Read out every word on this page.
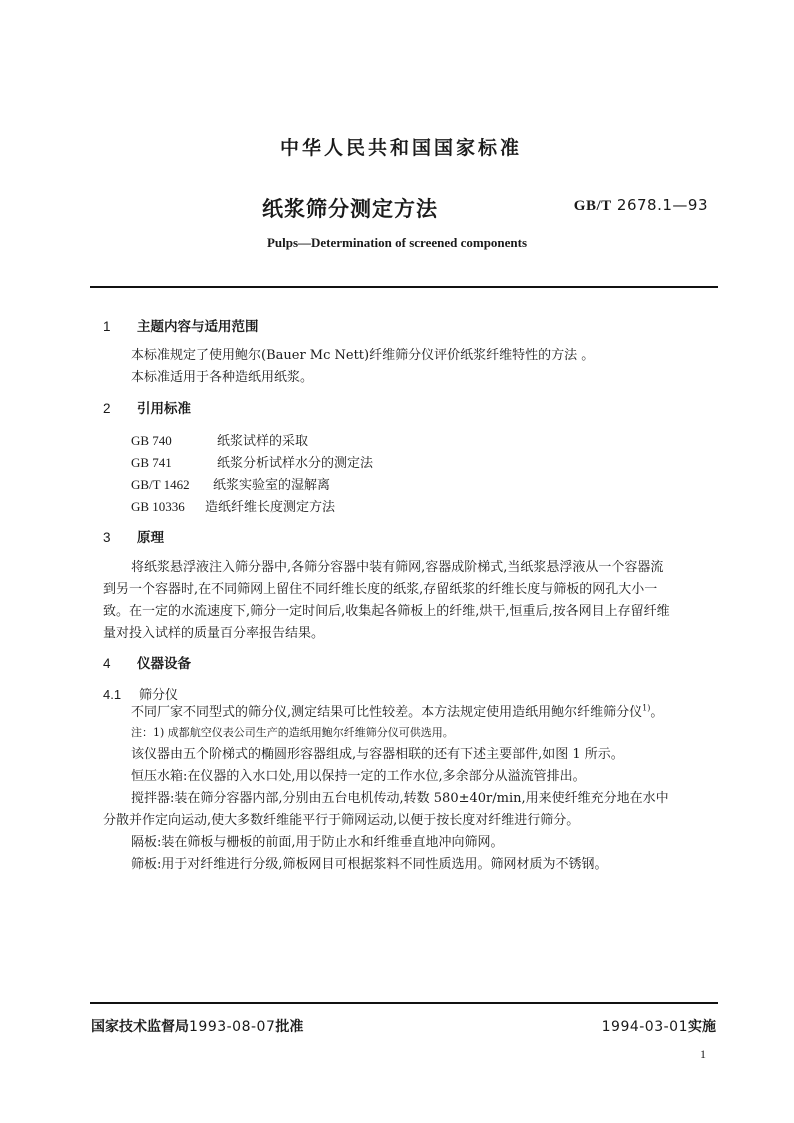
中华人民共和国国家标准
纸浆筛分测定方法	GB/T 2678.1—93
Pulps—Determination of screened components
1 主题内容与适用范围
本标准规定了使用鲍尔(Bauer Mc Nett)纤维筛分仪评价纸浆纤维特性的方法 。
本标准适用于各种造纸用纸浆。
2 引用标准
GB 740	纸浆试样的采取
GB 741	纸浆分析试样水分的测定法
GB/T 1462 纸浆实验室的湿解离
GB 10336 造纸纤维长度测定方法
3 原理
将纸浆悬浮液注入筛分器中,各筛分容器中装有筛网,容器成阶梯式,当纸浆悬浮液从一个容器流
到另一个容器时,在不同筛网上留住不同纤维长度的纸浆,存留纸浆的纤维长度与筛板的网孔大小一
致。在一定的水流速度下,筛分一定时间后,收集起各筛板上的纤维,烘干,恒重后,按各网目上存留纤维
量对投入试样的质量百分率报告结果。
4 仪器设备
4.1 筛分仪
不同厂家不同型式的筛分仪,测定结果可比性较差。本方法规定使用造纸用鲍尔纤维筛分仪$^{1)}$。
注：1) 成都航空仪表公司生产的造纸用鲍尔纤维筛分仪可供选用。
该仪器由五个阶梯式的椭圆形容器组成,与容器相联的还有下述主要部件,如图 1 所示。
恒压水箱:在仪器的入水口处,用以保持一定的工作水位,多余部分从溢流管排出。
搅拌器:装在筛分容器内部,分别由五台电机传动,转数 580±40r/min,用来使纤维充分地在水中
分散并作定向运动,使大多数纤维能平行于筛网运动,以便于按长度对纤维进行筛分。
隔板:装在筛板与栅板的前面,用于防止水和纤维垂直地冲向筛网。
筛板:用于对纤维进行分级,筛板网目可根据浆料不同性质选用。筛网材质为不锈钢。
国家技术监督局1993-08-07批准	1994-03-01实施
1
